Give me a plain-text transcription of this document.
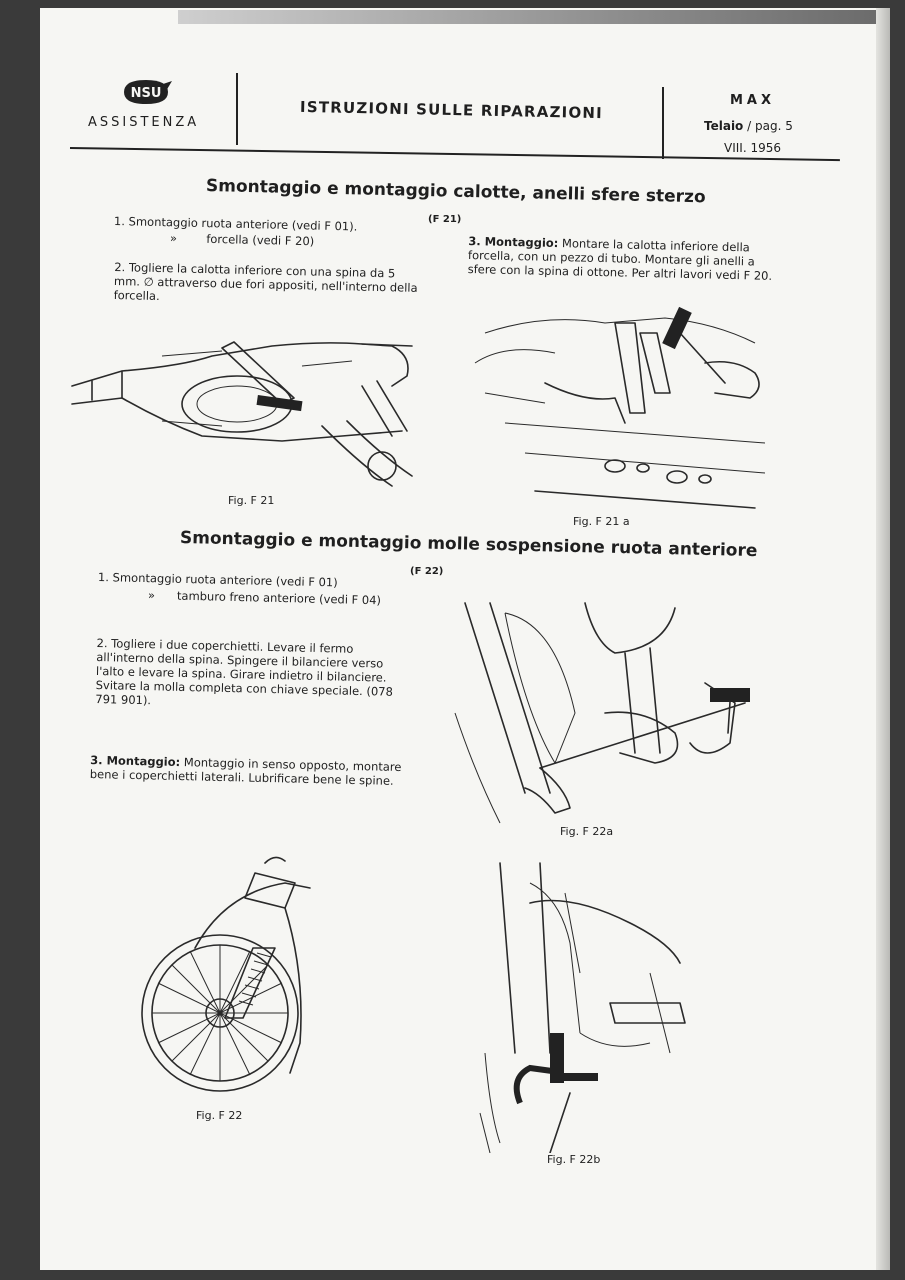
NSU
ASSISTENZA
ISTRUZIONI SULLE RIPARAZIONI	MAX
Telaio / pag. 5
VIII. 1956
Smontaggio e montaggio calotte, anelli sfere sterzo
(F 21)
1. Smontaggio ruota anteriore (vedi F 01).
»	forcella (vedi F 20)
2. Togliere la calotta inferiore con una spina da 5 mm. ∅ attraverso due fori appositi, nell'interno della forcella.
3. Montaggio: Montare la calotta inferiore della forcella, con un pezzo di tubo. Montare gli anelli a sfere con la spina di ottone. Per altri lavori vedi F 20.
Fig. F 21
Fig. F 21 a
Smontaggio e montaggio molle sospensione ruota anteriore
(F 22)
1. Smontaggio ruota anteriore (vedi F 01)
» tamburo freno anteriore (vedi F 04)
2. Togliere i due coperchietti. Levare il fermo all'interno della spina. Spingere il bilanciere verso l'alto e levare la spina. Girare indietro il bilanciere. Svitare la molla completa con chiave speciale. (078 791 901).
3. Montaggio: Montaggio in senso opposto, montare bene i coperchietti laterali. Lubrificare bene le spine.
Fig. F 22a
Fig. F 22
Fig. F 22b
